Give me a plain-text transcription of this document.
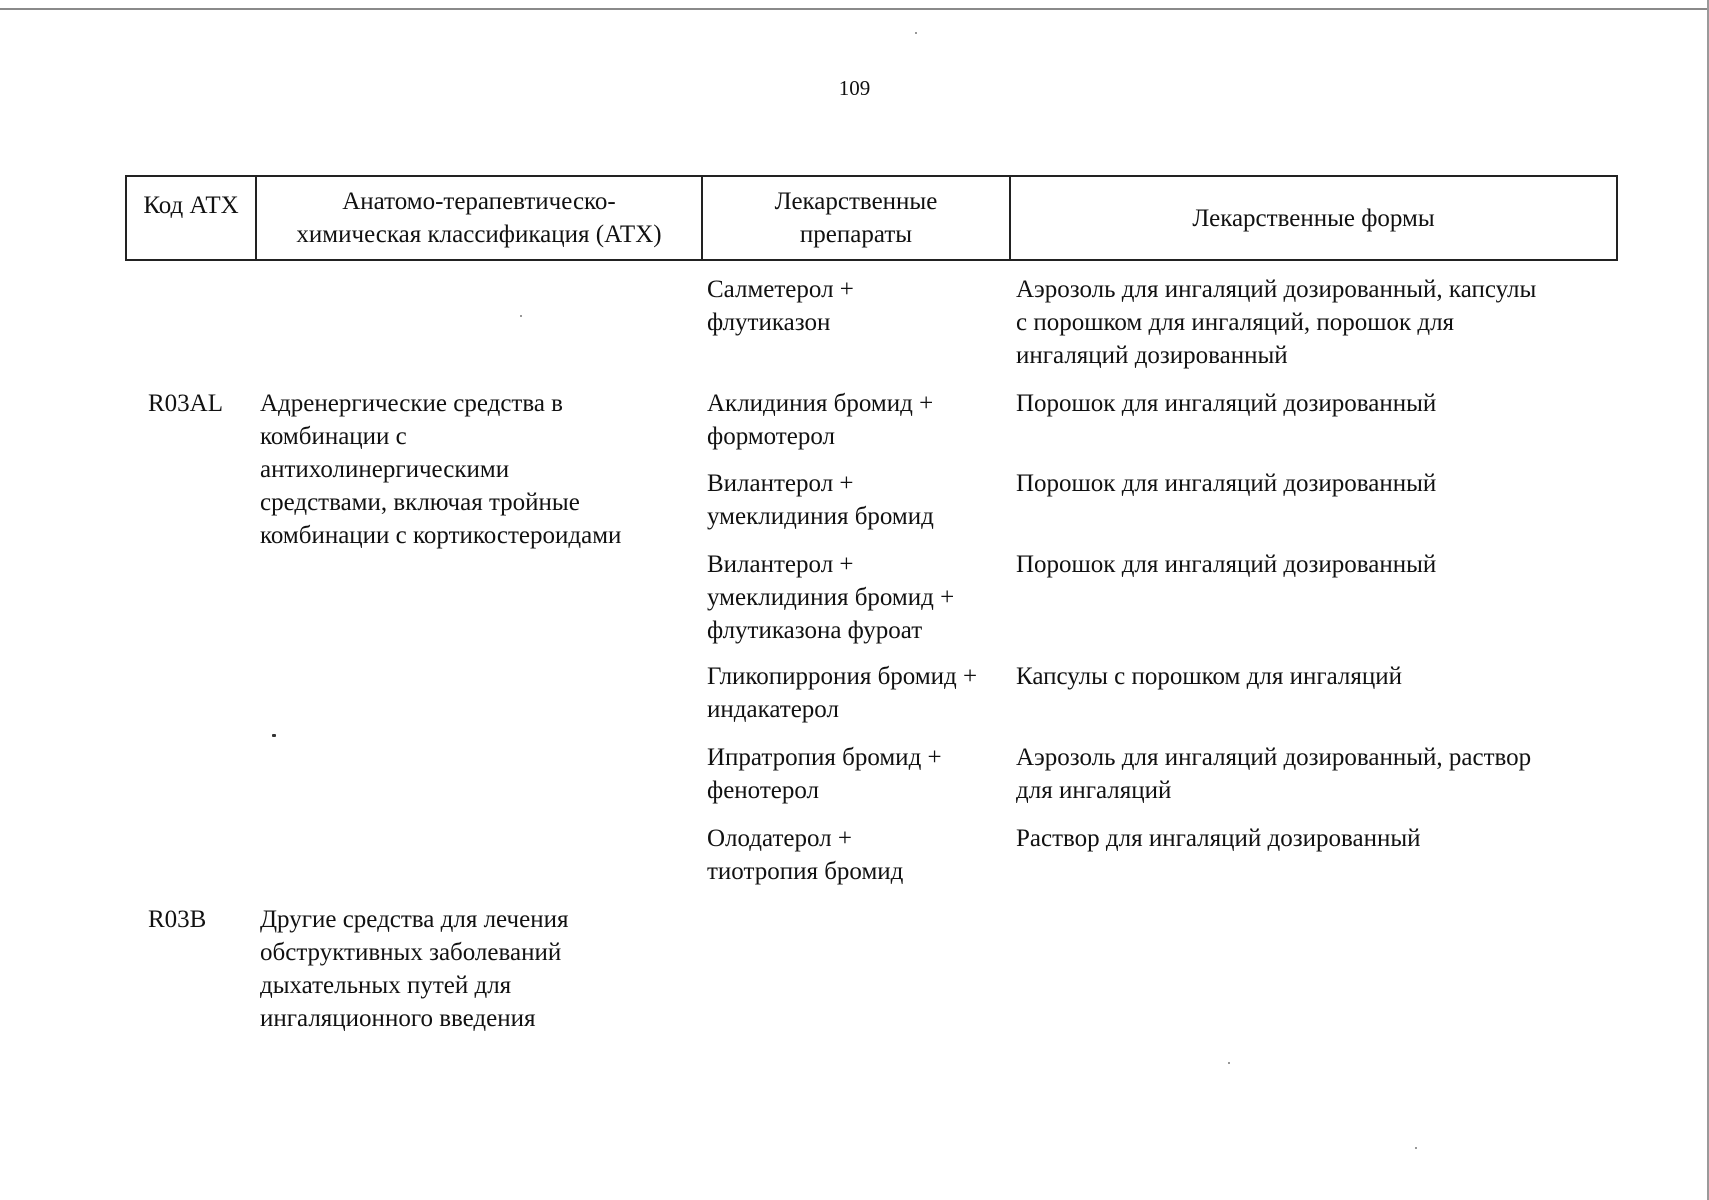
109
Код АТХ	Анатомо-терапевтическо-
химическая классификация (АТХ)
Лекарственные
препараты
Лекарственные формы
Салметерол +
флутиказон
Аэрозоль для ингаляций дозированный, капсулы
с порошком для ингаляций, порошок для
ингаляций дозированный
R03AL Адренергические средства в
комбинации с
антихолинергическими
средствами, включая тройные
комбинации с кортикостероидами
Аклидиния бромид +
формотерол
Порошок для ингаляций дозированный
Вилантерол +
умеклидиния бромид
Порошок для ингаляций дозированный
Вилантерол +
умеклидиния бромид +
флутиказона фуроат
Порошок для ингаляций дозированный
Гликопиррония бромид +
индакатерол
Капсулы с порошком для ингаляций
Ипратропия бромид +
фенотерол
Аэрозоль для ингаляций дозированный, раствор
для ингаляций
Олодатерол +
тиотропия бромид
Раствор для ингаляций дозированный
R03B Другие средства для лечения
обструктивных заболеваний
дыхательных путей для
ингаляционного введения
